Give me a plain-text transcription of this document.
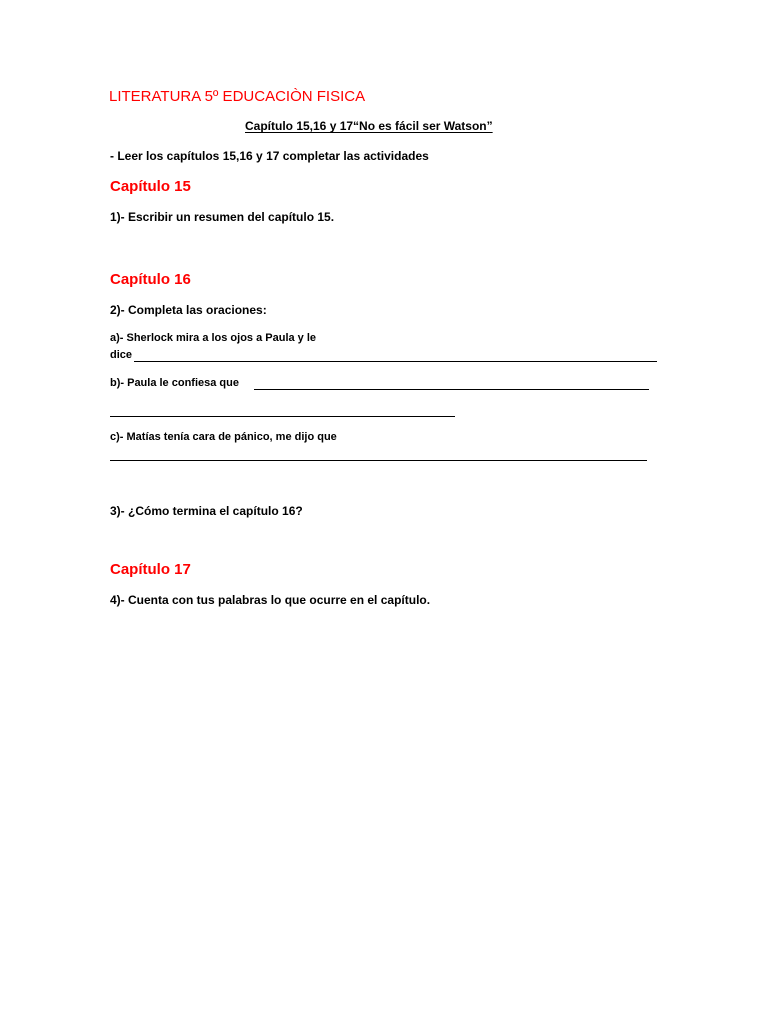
LITERATURA 5º EDUCACIÒN FISICA
Capítulo 15,16 y 17“No es fácil ser Watson”
- Leer los capítulos 15,16 y 17 completar las actividades
Capítulo 15
1)- Escribir un resumen del capítulo 15.
Capítulo 16
2)- Completa las oraciones:
a)- Sherlock mira a los ojos a Paula y le
dice
b)- Paula le confiesa que
c)- Matías tenía cara de pánico, me dijo que
3)- ¿Cómo termina el capítulo 16?
Capítulo 17
4)- Cuenta con tus palabras lo que ocurre en el capítulo.
